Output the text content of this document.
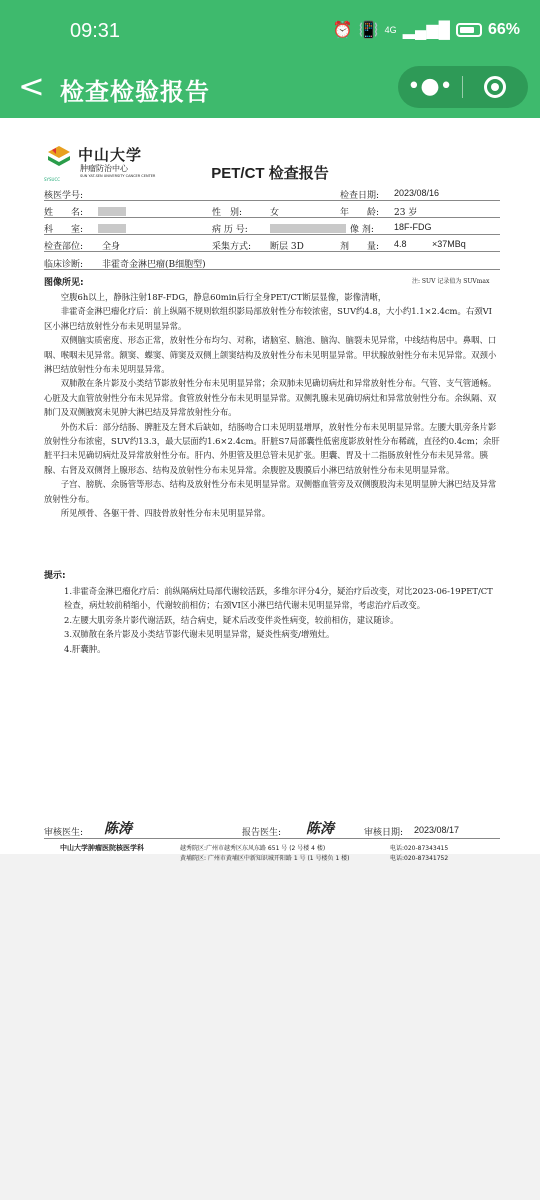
09:31	⏰ 📳 4G ▂▄▆█ 66%
< 检查检验报告	•●•
中山大学
肿瘤防治中心
SUN YAT-SEN UNIVERSITY CANCER CENTER
SYSUCC	PET/CT 检查报告
核医学号:	检查日期: 2023/08/16
姓　　名:	性　别:	女	年　　龄: 23 岁
科　　室:	病 历 号:	像 剂: 18F-FDG
检查部位: 全身	采集方式: 断层 3D	剂　　量: 4.8	×37MBq
临床诊断: 非霍奇金淋巴瘤(B细胞型)
图像所见:	注: SUV 记录值为 SUVmax

空腹6h以上，静脉注射18F-FDG，静息60min后行全身PET/CT断层显像，影像清晰，

非霍奇金淋巴瘤化疗后：前上纵隔不规则软组织影局部放射性分布较浓密，SUV约4.8，大小约1.1×2.4cm。右颈VI区小淋巴结放射性分布未见明显异常。

双侧脑实质密度、形态正常，放射性分布均匀、对称，诸脑室、脑池、脑沟、脑裂未见异常，中线结构居中。鼻咽、口咽、喉咽未见异常。额窦、蝶窦、筛窦及双侧上颌窦结构及放射性分布未见明显异常。甲状腺放射性分布未见异常。双颈小淋巴结放射性分布未见明显异常。

双肺散在条片影及小类结节影放射性分布未见明显异常；余双肺未见确切病灶和异常放射性分布。气管、支气管通畅。心脏及大血管放射性分布未见异常。食管放射性分布未见明显异常。双侧乳腺未见确切病灶和异常放射性分布。余纵隔、双肺门及双侧腋窝未见肿大淋巴结及异常放射性分布。

外伤术后：部分结肠、脾脏及左肾术后缺如，结肠吻合口未见明显增厚，放射性分布未见明显异常。左腰大肌旁条片影放射性分布浓密，SUV约13.3，最大层面约1.6×2.4cm。肝脏S7局部囊性低密度影放射性分布稀疏，直径约0.4cm；余肝脏平扫未见确切病灶及异常放射性分布。肝内、外胆管及胆总管未见扩张。胆囊、胃及十二指肠放射性分布未见异常。胰腺、右肾及双侧肾上腺形态、结构及放射性分布未见异常。余腹腔及腹膜后小淋巴结放射性分布未见明显异常。

子宫、膀胱、余肠管等形态、结构及放射性分布未见明显异常。双侧髂血管旁及双侧腹股沟未见明显肿大淋巴结及异常放射性分布。

所见颅骨、各躯干骨、四肢骨放射性分布未见明显异常。

提示:

1.非霍奇金淋巴瘤化疗后：前纵隔病灶局部代谢较活跃，多维尔评分4分，疑治疗后改变，对比2023-06-19PET/CT检查，病灶较前稍缩小，代谢较前相仿；右颈VI区小淋巴结代谢未见明显异常，考虑治疗后改变。

2.左腰大肌旁条片影代谢活跃，结合病史，疑术后改变伴炎性病变，较前相仿，建议随诊。

3.双肺散在条片影及小类结节影代谢未见明显异常，疑炎性病变/增殖灶。

4.肝囊肿。

审核医生: 陈涛	报告医生: 陈涛	审核日期: 2023/08/17
中山大学肿瘤医院核医学科	越秀院区:广州市越秀区东风东路 651 号 (2 号楼 4 楼)
黄埔院区: 广州市黄埔区中新知识城开阳路 1 号 (1 号楼负 1 楼)
电话:020-87343415
电话:020-87341752
